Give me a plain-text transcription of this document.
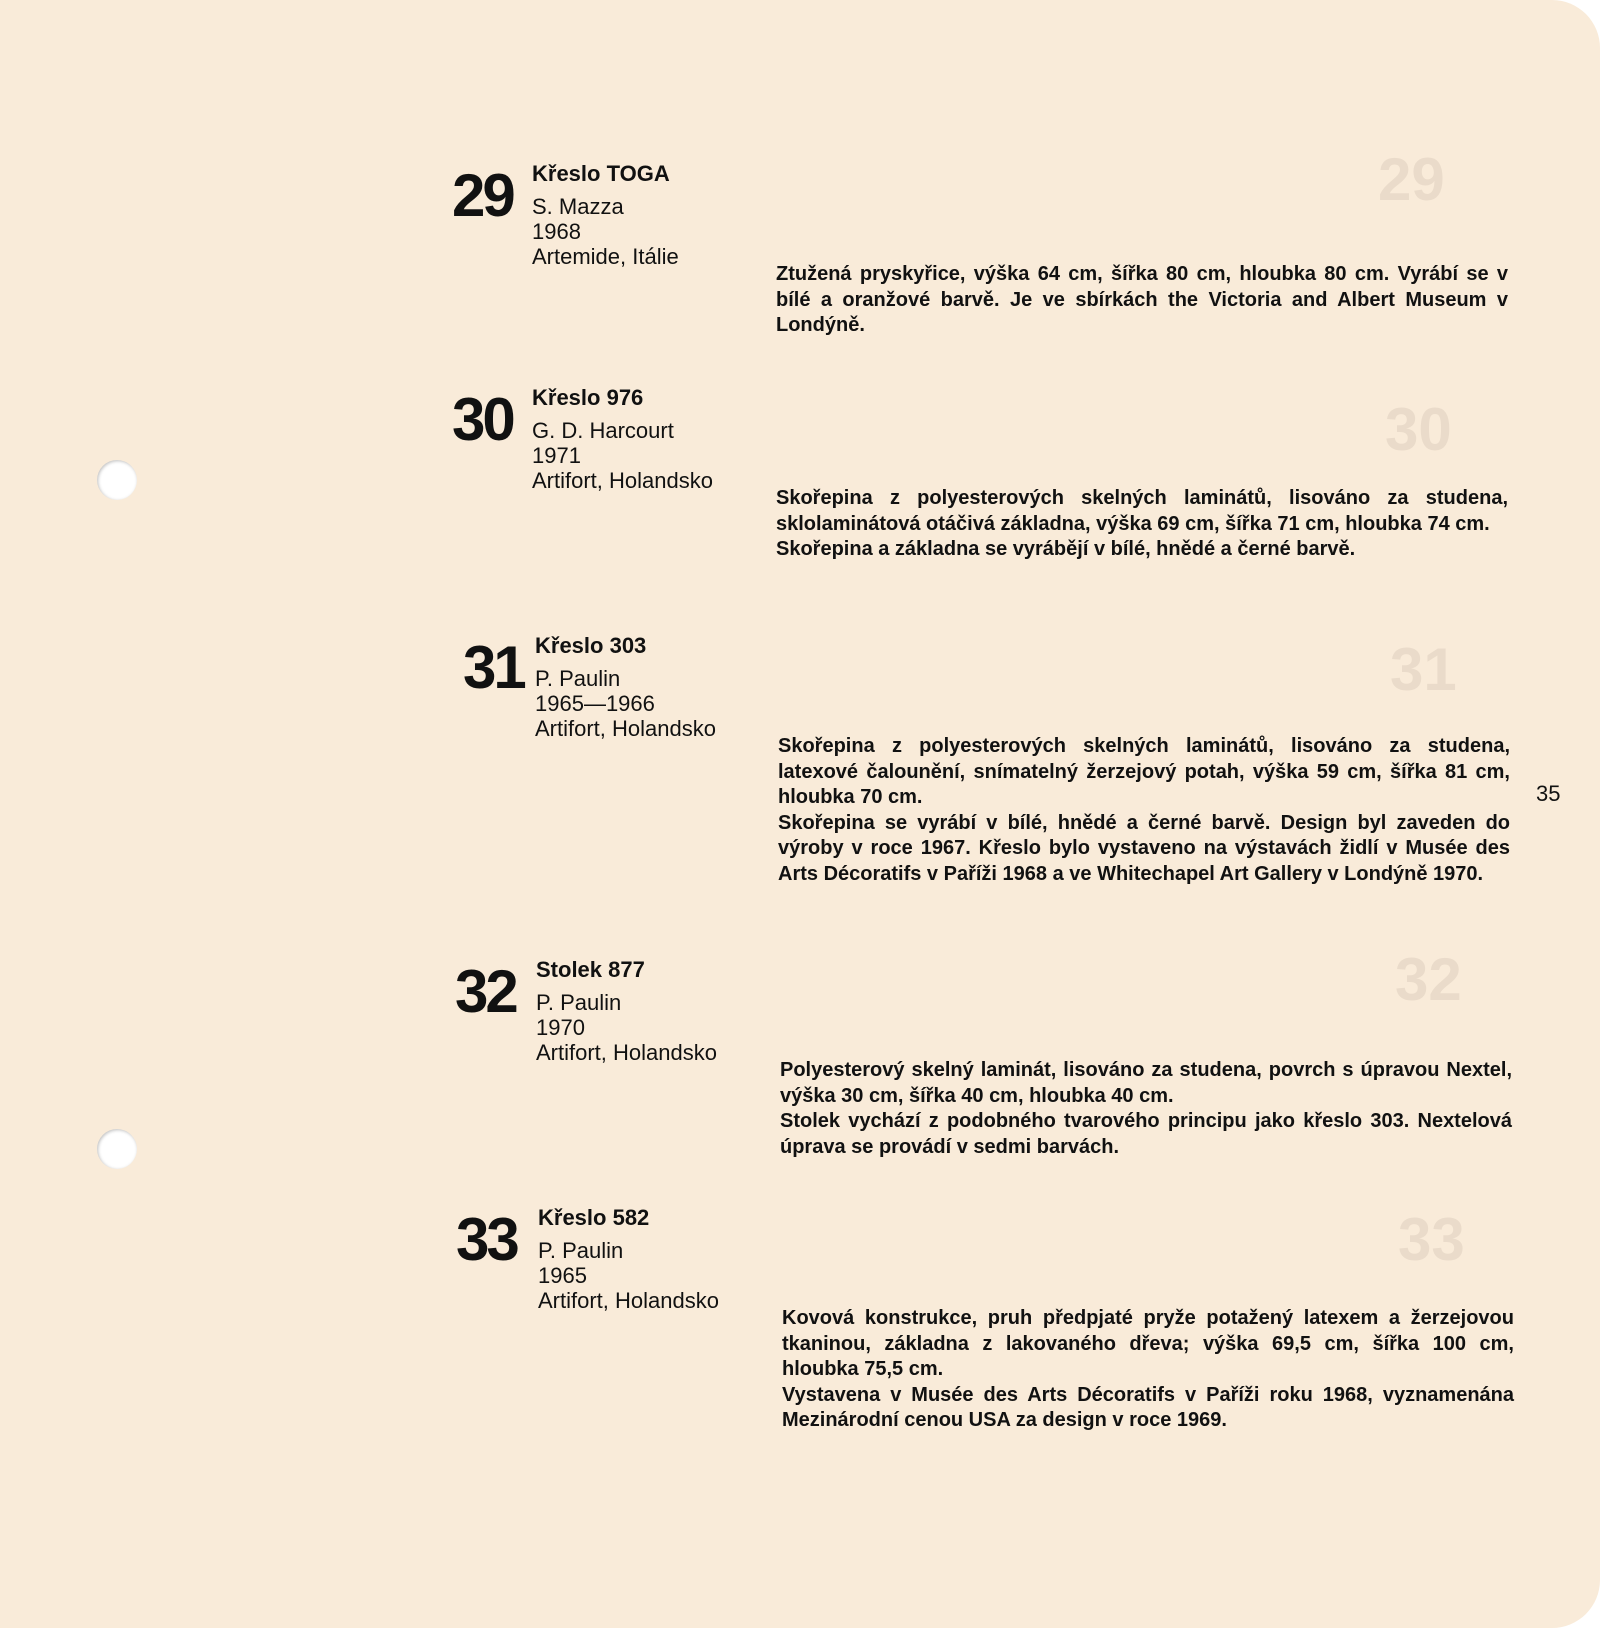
29
30
31
32
33
29 Křeslo TOGA
S. Mazza
1968
Artemide, Itálie

Ztužená pryskyřice, výška 64 cm, šířka 80 cm, hloubka 80 cm. Vyrábí se v bílé a oranžové barvě. Je ve sbírkách the Victoria and Albert Museum v Londýně.

30 Křeslo 976
G. D. Harcourt
1971
Artifort, Holandsko

Skořepina z polyesterových skelných laminátů, lisováno za studena, sklolaminátová otáčivá základna, výška 69 cm, šířka 71 cm, hloubka 74 cm.

Skořepina a základna se vyrábějí v bílé, hnědé a černé barvě.

31 Křeslo 303
P. Paulin
1965—1966
Artifort, Holandsko

Skořepina z polyesterových skelných laminátů, lisováno za studena, latexové čalounění, snímatelný žerzejový potah, výška 59 cm, šířka 81 cm, hloubka 70 cm.

Skořepina se vyrábí v bílé, hnědé a černé barvě. Design byl zaveden do výroby v roce 1967. Křeslo bylo vystaveno na výstavách židlí v Musée des Arts Décoratifs v Paříži 1968 a ve Whitechapel Art Gallery v Londýně 1970.

32 Stolek 877
P. Paulin
1970
Artifort, Holandsko

Polyesterový skelný laminát, lisováno za studena, povrch s úpravou Nextel, výška 30 cm, šířka 40 cm, hloubka 40 cm.

Stolek vychází z podobného tvarového principu jako křeslo 303. Nextelová úprava se provádí v sedmi barvách.

33 Křeslo 582
P. Paulin
1965
Artifort, Holandsko

Kovová konstrukce, pruh předpjaté pryže potažený latexem a žerzejovou tkaninou, základna z lakovaného dřeva; výška 69,5 cm, šířka 100 cm, hloubka 75,5 cm.

Vystavena v Musée des Arts Décoratifs v Paříži roku 1968, vyznamenána Mezinárodní cenou USA za design v roce 1969.

35
